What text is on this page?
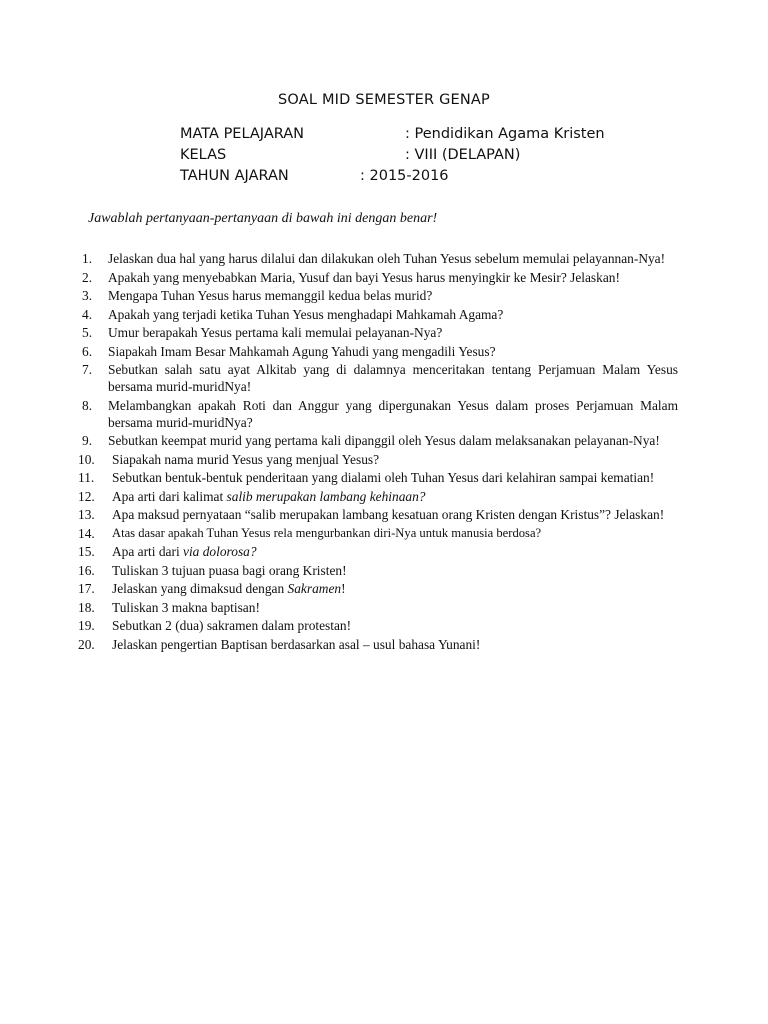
SOAL MID SEMESTER GENAP
MATA PELAJARAN	: Pendidikan Agama Kristen
KELAS	: VIII (DELAPAN)
TAHUN AJARAN	: 2015-2016
Jawablah pertanyaan-pertanyaan di bawah ini dengan benar!
1. Jelaskan dua hal yang harus dilalui dan dilakukan oleh Tuhan Yesus sebelum memulai pelayannan-Nya!
2. Apakah yang menyebabkan Maria, Yusuf dan bayi Yesus harus menyingkir ke Mesir? Jelaskan!
3. Mengapa Tuhan Yesus harus memanggil kedua belas murid?
4. Apakah yang terjadi ketika Tuhan Yesus menghadapi Mahkamah Agama?
5. Umur berapakah Yesus pertama kali memulai pelayanan-Nya?
6. Siapakah Imam Besar Mahkamah Agung Yahudi yang mengadili Yesus?
7. Sebutkan salah satu ayat Alkitab yang di dalamnya menceritakan tentang Perjamuan Malam Yesus bersama murid-muridNya!
8. Melambangkan apakah Roti dan Anggur yang dipergunakan Yesus dalam proses Perjamuan Malam bersama murid-muridNya?
9. Sebutkan keempat murid yang pertama kali dipanggil oleh Yesus dalam melaksanakan pelayanan-Nya!
10. Siapakah nama murid Yesus yang menjual Yesus?
11. Sebutkan bentuk-bentuk penderitaan yang dialami oleh Tuhan Yesus dari kelahiran sampai kematian!
12. Apa arti dari kalimat salib merupakan lambang kehinaan?
13. Apa maksud pernyataan “salib merupakan lambang kesatuan orang Kristen dengan Kristus”? Jelaskan!
14. Atas dasar apakah Tuhan Yesus rela mengurbankan diri-Nya untuk manusia berdosa?
15. Apa arti dari via dolorosa?
16. Tuliskan 3 tujuan puasa bagi orang Kristen!
17. Jelaskan yang dimaksud dengan Sakramen!
18. Tuliskan 3 makna baptisan!
19. Sebutkan 2 (dua) sakramen dalam protestan!
20. Jelaskan pengertian Baptisan berdasarkan asal – usul bahasa Yunani!
